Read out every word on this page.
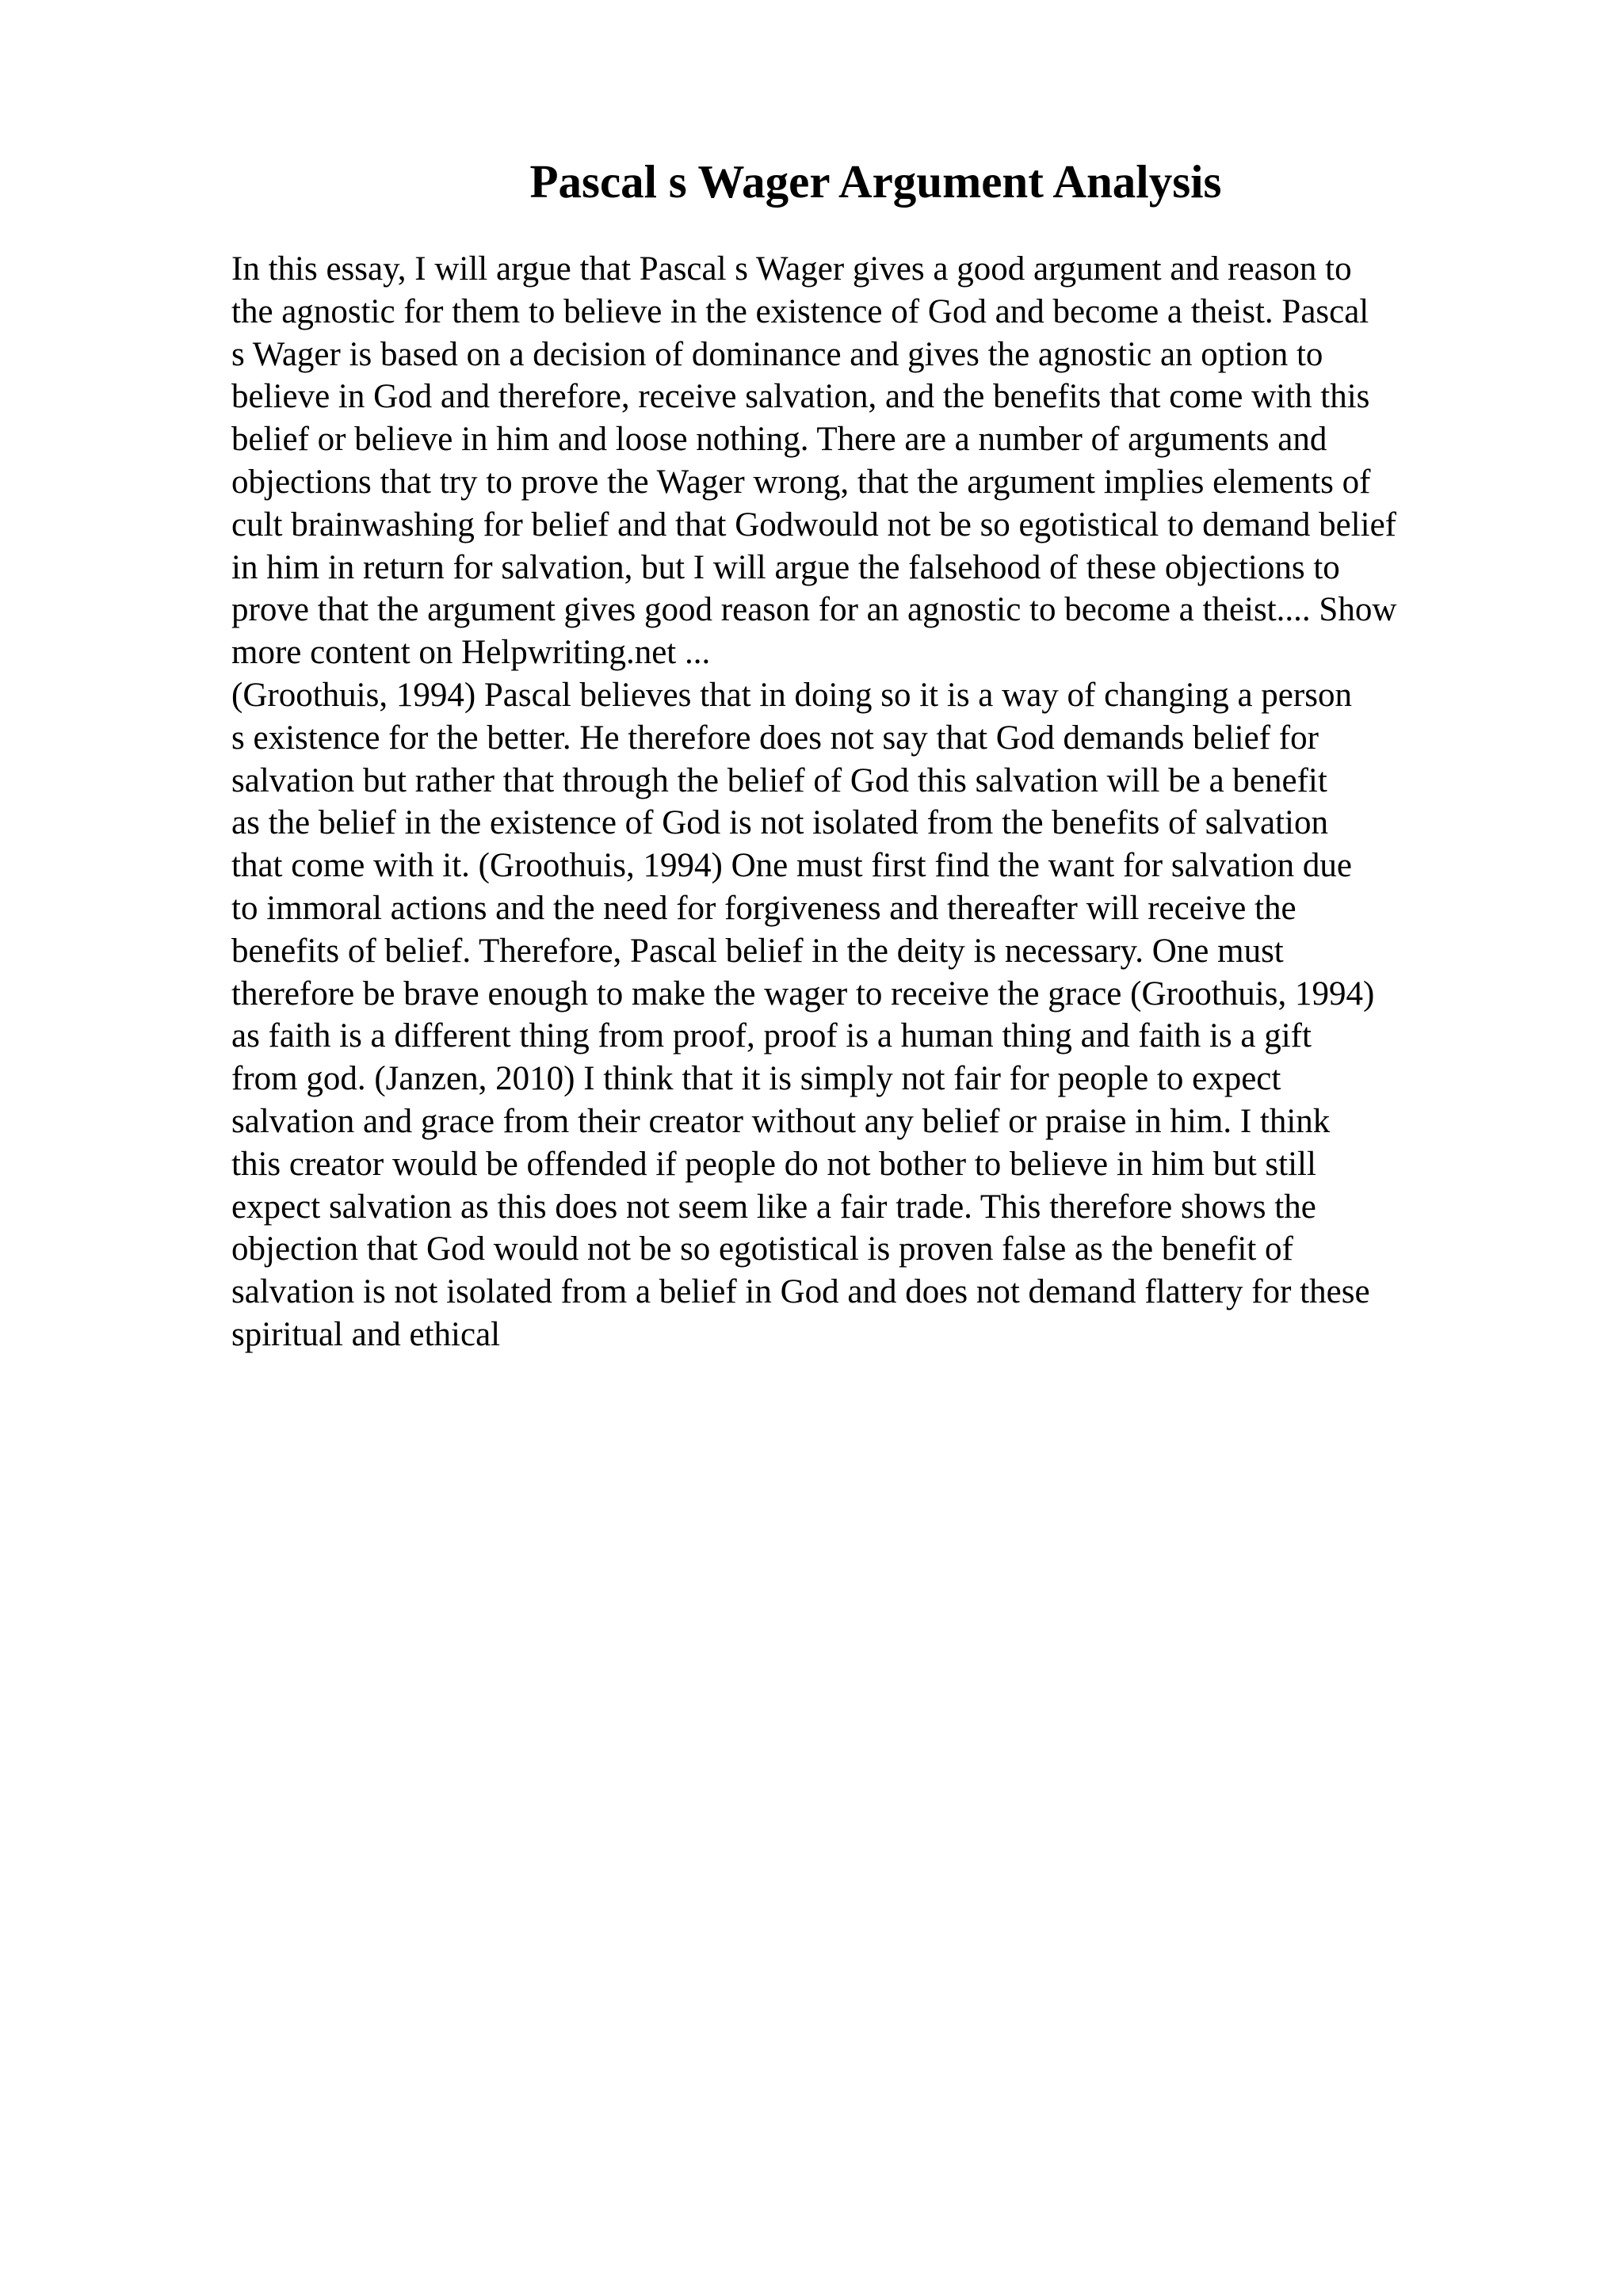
Pascal s Wager Argument Analysis
In this essay, I will argue that Pascal s Wager gives a good argument and reason to
the agnostic for them to believe in the existence of God and become a theist. Pascal
s Wager is based on a decision of dominance and gives the agnostic an option to
believe in God and therefore, receive salvation, and the benefits that come with this
belief or believe in him and loose nothing. There are a number of arguments and
objections that try to prove the Wager wrong, that the argument implies elements of
cult brainwashing for belief and that Godwould not be so egotistical to demand belief
in him in return for salvation, but I will argue the falsehood of these objections to
prove that the argument gives good reason for an agnostic to become a theist.... Show
more content on Helpwriting.net ...
(Groothuis, 1994) Pascal believes that in doing so it is a way of changing a person
s existence for the better. He therefore does not say that God demands belief for
salvation but rather that through the belief of God this salvation will be a benefit
as the belief in the existence of God is not isolated from the benefits of salvation
that come with it. (Groothuis, 1994) One must first find the want for salvation due
to immoral actions and the need for forgiveness and thereafter will receive the
benefits of belief. Therefore, Pascal belief in the deity is necessary. One must
therefore be brave enough to make the wager to receive the grace (Groothuis, 1994)
as faith is a different thing from proof, proof is a human thing and faith is a gift
from god. (Janzen, 2010) I think that it is simply not fair for people to expect
salvation and grace from their creator without any belief or praise in him. I think
this creator would be offended if people do not bother to believe in him but still
expect salvation as this does not seem like a fair trade. This therefore shows the
objection that God would not be so egotistical is proven false as the benefit of
salvation is not isolated from a belief in God and does not demand flattery for these
spiritual and ethical
